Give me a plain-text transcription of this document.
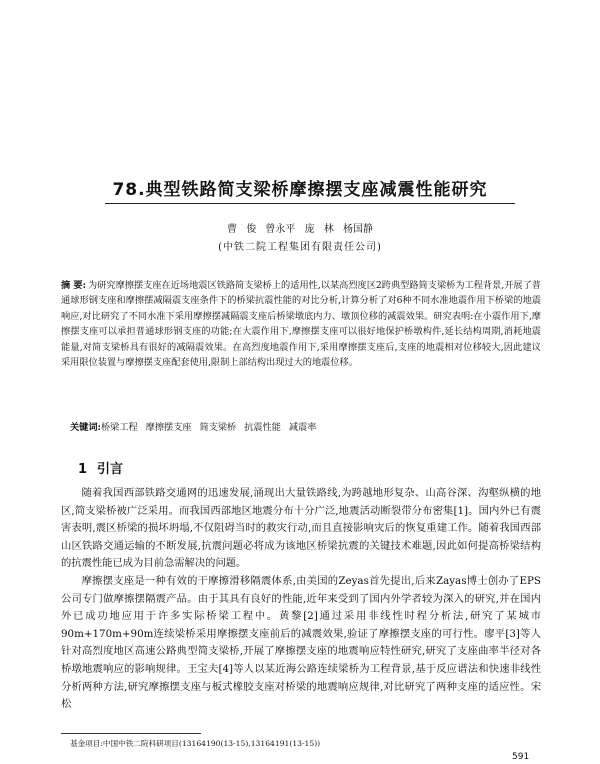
78.典型铁路简支梁桥摩擦摆支座减震性能研究
曹 俊 曾永平 庞 林 杨国静
(中铁二院工程集团有限责任公司)
摘 要: 为研究摩擦摆支座在近场地震区铁路简支梁桥上的适用性,以某高烈度区2跨典型路简支梁桥为工程背景,开展了普通球形钢支座和摩擦摆减隔震支座条件下的桥梁抗震性能的对比分析,计算分析了对6种不同水准地震作用下桥梁的地震响应,对比研究了不同水准下采用摩擦摆减隔震支座后桥梁墩底内力、墩顶位移的减震效果。研究表明:在小震作用下,摩擦摆支座可以承担普通球形钢支座的功能;在大震作用下,摩擦摆支座可以很好地保护桥墩构件,延长结构周期,消耗地震能量,对简支梁桥具有很好的减隔震效果。在高烈度地震作用下,采用摩擦摆支座后,支座的地震相对位移较大,因此建议采用限位装置与摩擦摆支座配套使用,限制上部结构出现过大的地震位移。
关键词:桥梁工程 摩擦摆支座 简支梁桥 抗震性能 减震率
1 引言

随着我国西部铁路交通网的迅速发展,涌现出大量铁路线,为跨越地形复杂、山高谷深、沟壑纵横的地区,简支梁桥被广泛采用。而我国西部地区地震分布十分广泛,地震活动断裂带分布密集[1]。国内外已有震害表明,震区桥梁的损坏坍塌,不仅阻碍当时的救灾行动,而且直接影响灾后的恢复重建工作。随着我国西部山区铁路交通运输的不断发展,抗震问题必将成为该地区桥梁抗震的关键技术难题,因此如何提高桥梁结构的抗震性能已成为目前急需解决的问题。

摩擦摆支座是一种有效的干摩擦滑移隔震体系,由美国的Zeyas首先提出,后来Zayas博士创办了EPS公司专门做摩擦摆隔震产品。由于其具有良好的性能,近年来受到了国内外学者较为深入的研究,并在国内外已成功地应用于许多实际桥梁工程中。黄黎[2]通过采用非线性时程分析法,研究了某城市90m+170m+90m连续梁桥采用摩擦摆支座前后的减震效果,验证了摩擦摆支座的可行性。廖平[3]等人针对高烈度地区高速公路典型简支梁桥,开展了摩擦摆支座的地震响应特性研究,研究了支座曲率半径对各桥墩地震响应的影响规律。王宝夫[4]等人以某近海公路连续梁桥为工程背景,基于反应谱法和快速非线性分析两种方法,研究摩擦摆支座与板式橡胶支座对桥梁的地震响应规律,对比研究了两种支座的适应性。宋松

基金项目:中国中铁二院科研项目(13164190(13-15),13164191(13-15))
591
